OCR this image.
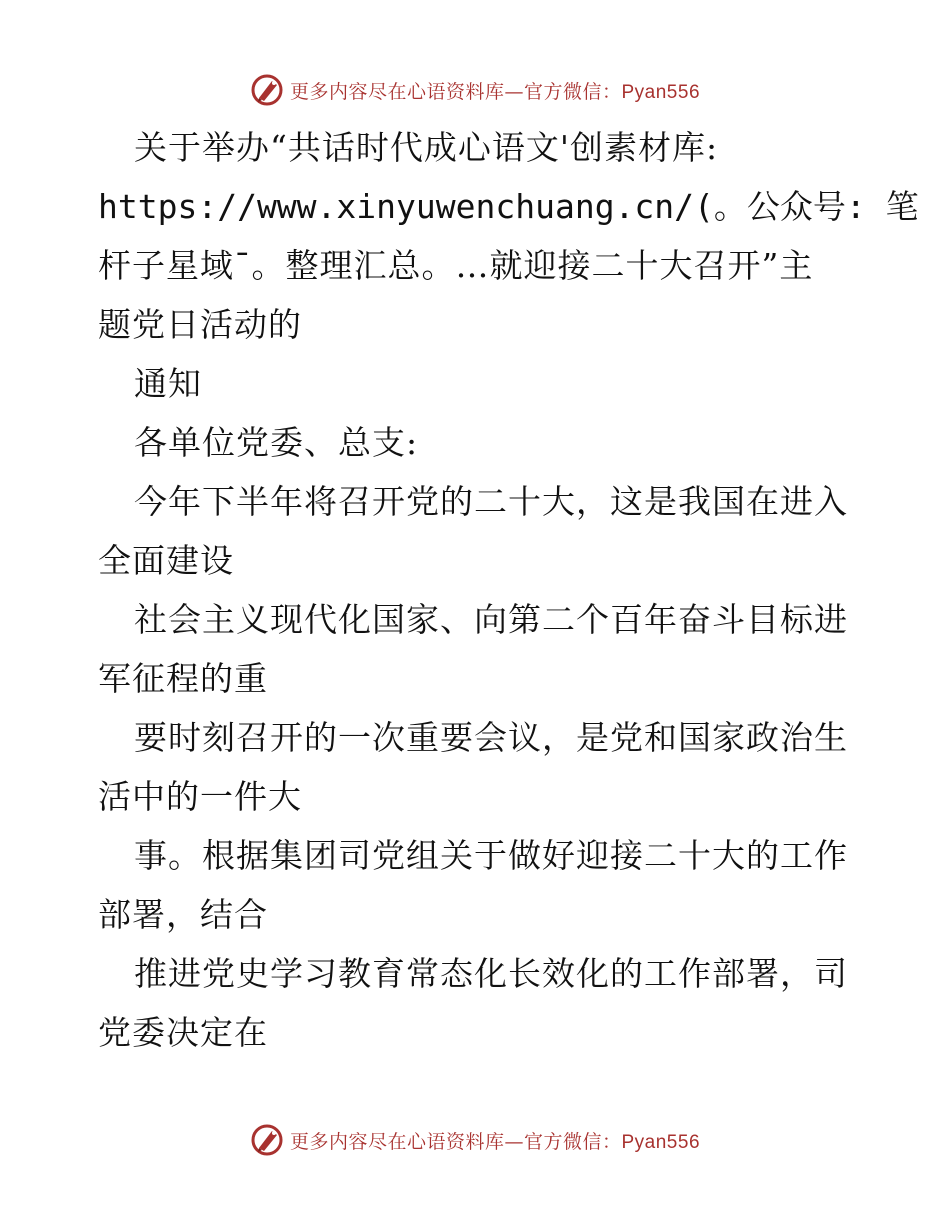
更多内容尽在心语资料库—官方微信：Pyan556
关于举办“共话时代成心语文'创素材库:
https://www.xinyuwenchuang.cn/(。公众号: 笔
杆子星域¯。整理汇总。…就迎接二十大召开”主
题党日活动的
通知
各单位党委、总支:
今年下半年将召开党的二十大，这是我国在进入
全面建设
社会主义现代化国家、向第二个百年奋斗目标进
军征程的重
要时刻召开的一次重要会议，是党和国家政治生
活中的一件大
事。根据集团司党组关于做好迎接二十大的工作
部署，结合
推进党史学习教育常态化长效化的工作部署，司
党委决定在
更多内容尽在心语资料库—官方微信：Pyan556
